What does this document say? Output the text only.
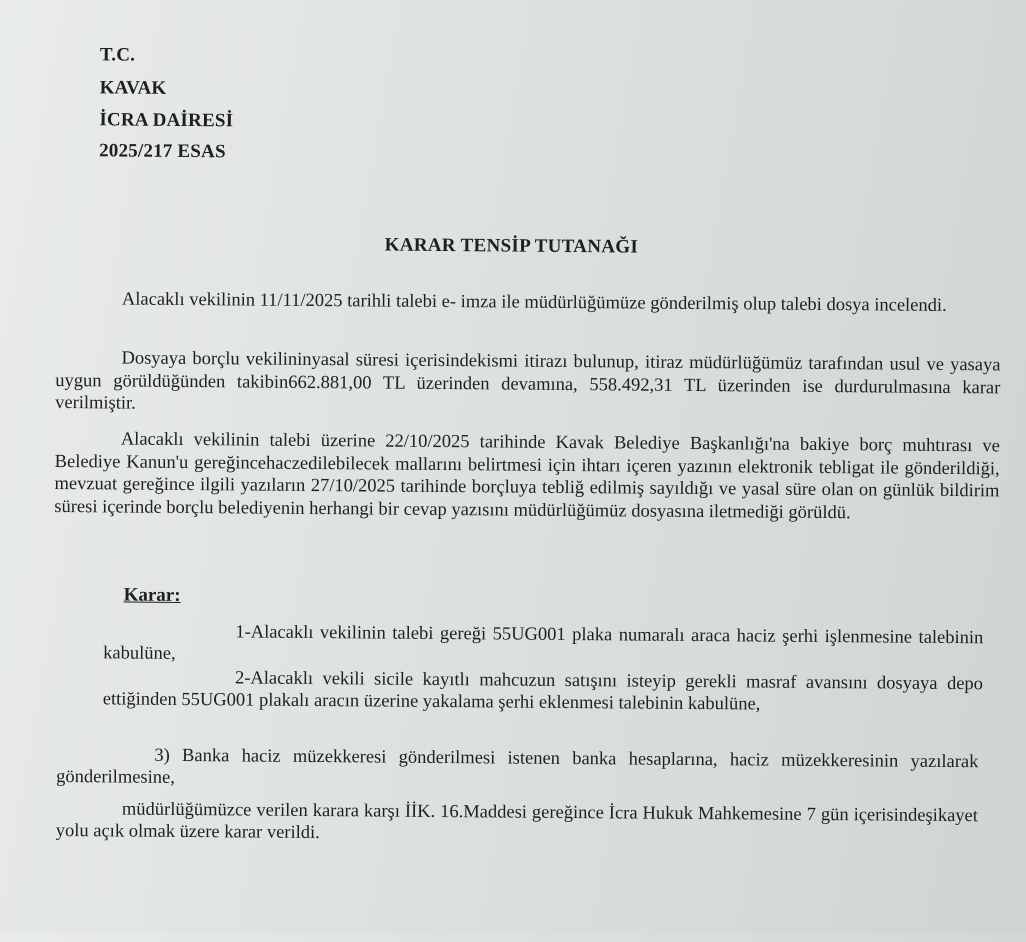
T.C.
KAVAK
İCRA DAİRESİ
2025/217 ESAS
KARAR TENSİP TUTANAĞI
Alacaklı vekilinin 11/11/2025 tarihli talebi e- imza ile müdürlüğümüze gönderilmiş olup talebi dosya incelendi.
Dosyaya borçlu vekilininyasal süresi içerisindekismi itirazı bulunup, itiraz müdürlüğümüz tarafından usul ve yasaya uygun görüldüğünden takibin662.881,00 TL üzerinden devamına, 558.492,31 TL üzerinden ise durdurulmasına karar verilmiştir.
Alacaklı vekilinin talebi üzerine 22/10/2025 tarihinde Kavak Belediye Başkanlığı'na bakiye borç muhtırası ve Belediye Kanun'u gereğincehaczedilebilecek mallarını belirtmesi için ihtarı içeren yazının elektronik tebligat ile gönderildiği, mevzuat gereğince ilgili yazıların 27/10/2025 tarihinde borçluya tebliğ edilmiş sayıldığı ve yasal süre olan on günlük bildirim süresi içerinde borçlu belediyenin herhangi bir cevap yazısını müdürlüğümüz dosyasına iletmediği görüldü.
Karar:
1-Alacaklı vekilinin talebi gereği 55UG001 plaka numaralı araca haciz şerhi işlenmesine talebinin kabulüne,
2-Alacaklı vekili sicile kayıtlı mahcuzun satışını isteyip gerekli masraf avansını dosyaya depo ettiğinden 55UG001 plakalı aracın üzerine yakalama şerhi eklenmesi talebinin kabulüne,
3) Banka haciz müzekkeresi gönderilmesi istenen banka hesaplarına, haciz müzekkeresinin yazılarak gönderilmesine,
müdürlüğümüzce verilen karara karşı İİK. 16.Maddesi gereğince İcra Hukuk Mahkemesine 7 gün içerisindeşikayet yolu açık olmak üzere karar verildi.
